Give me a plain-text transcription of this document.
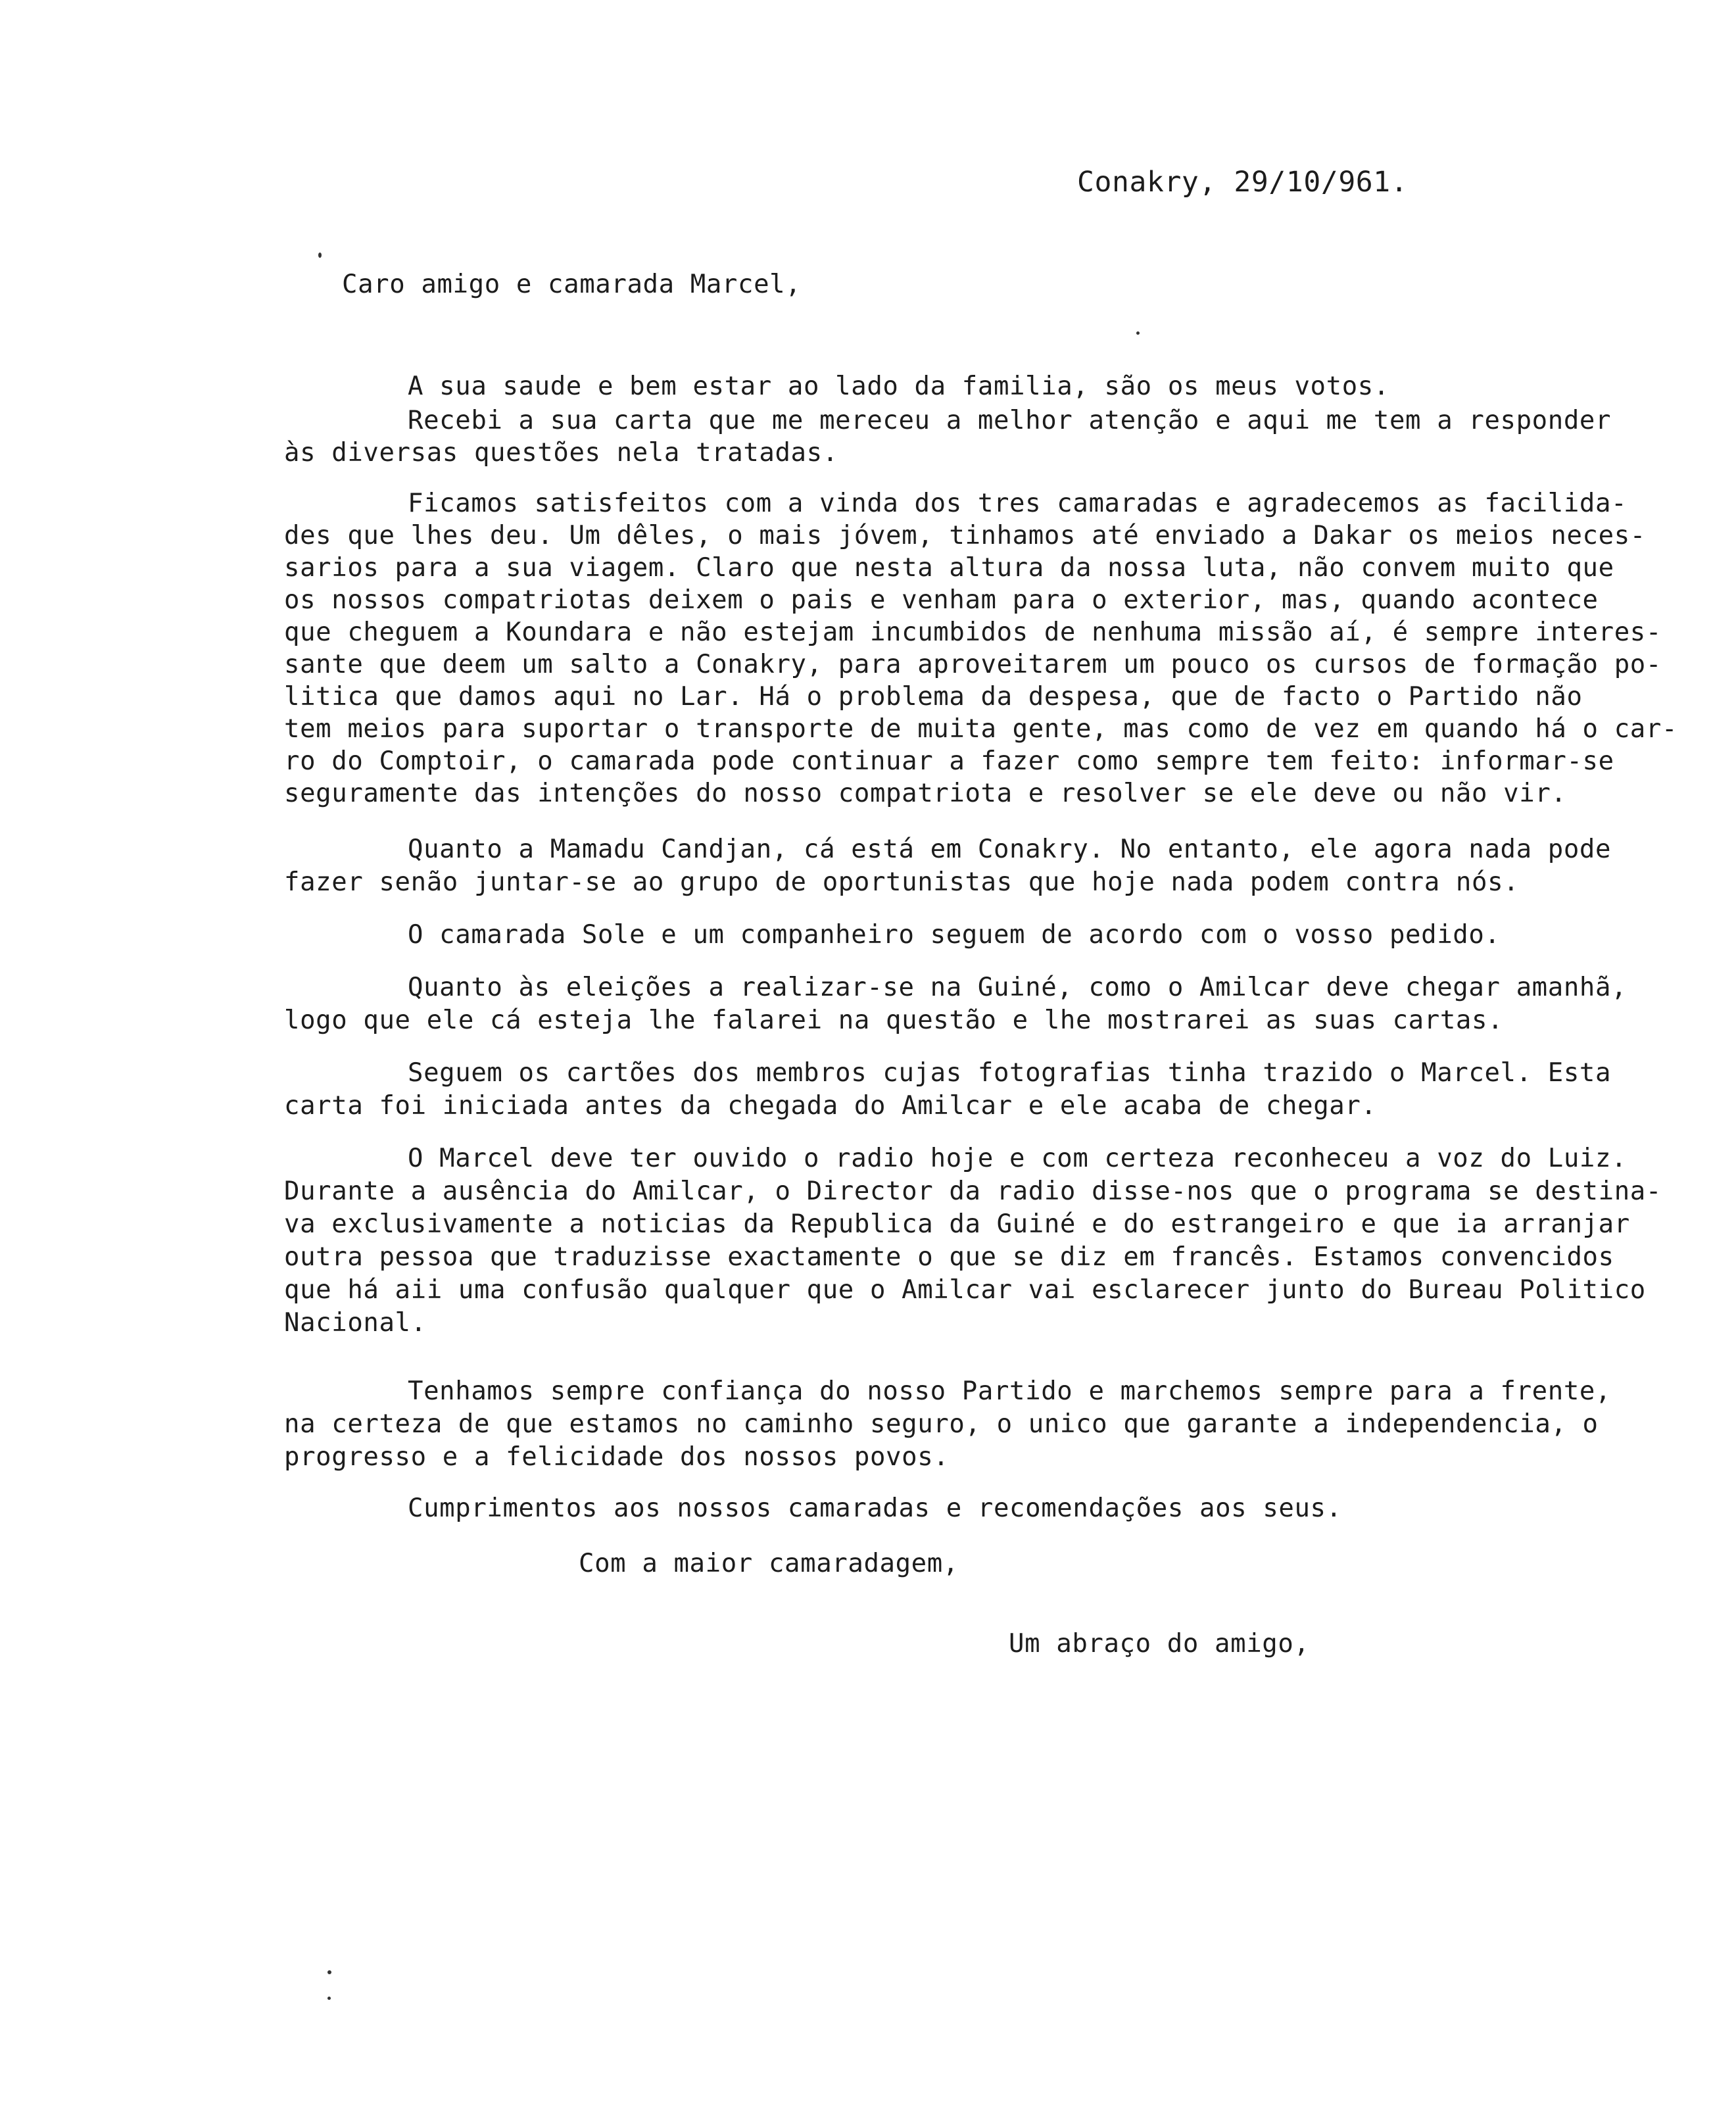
Conakry, 29/10/961.

Caro amigo e camarada Marcel,

A sua saude e bem estar ao lado da familia, são os meus votos.

Recebi a sua carta que me mereceu a melhor atenção e aqui me tem a responder

às diversas questões nela tratadas.

Ficamos satisfeitos com a vinda dos tres camaradas e agradecemos as facilida-

des que lhes deu. Um dêles, o mais jóvem, tinhamos até enviado a Dakar os meios neces-

sarios para a sua viagem. Claro que nesta altura da nossa luta, não convem muito que

os nossos compatriotas deixem o pais e venham para o exterior, mas, quando acontece

que cheguem a Koundara e não estejam incumbidos de nenhuma missão aí, é sempre interes-

sante que deem um salto a Conakry, para aproveitarem um pouco os cursos de formação po-

litica que damos aqui no Lar. Há o problema da despesa, que de facto o Partido não

tem meios para suportar o transporte de muita gente, mas como de vez em quando há o car-

ro do Comptoir, o camarada pode continuar a fazer como sempre tem feito: informar-se

seguramente das intenções do nosso compatriota e resolver se ele deve ou não vir.

Quanto a Mamadu Candjan, cá está em Conakry. No entanto, ele agora nada pode

fazer senão juntar-se ao grupo de oportunistas que hoje nada podem contra nós.

O camarada Sole e um companheiro seguem de acordo com o vosso pedido.

Quanto às eleições a realizar-se na Guiné, como o Amilcar deve chegar amanhã,

logo que ele cá esteja lhe falarei na questão e lhe mostrarei as suas cartas.

Seguem os cartões dos membros cujas fotografias tinha trazido o Marcel. Esta

carta foi iniciada antes da chegada do Amilcar e ele acaba de chegar.

O Marcel deve ter ouvido o radio hoje e com certeza reconheceu a voz do Luiz.

Durante a ausência do Amilcar, o Director da radio disse-nos que o programa se destina-

va exclusivamente a noticias da Republica da Guiné e do estrangeiro e que ia arranjar

outra pessoa que traduzisse exactamente o que se diz em francês. Estamos convencidos

que há aii uma confusão qualquer que o Amilcar vai esclarecer junto do Bureau Politico

Nacional.

Tenhamos sempre confiança do nosso Partido e marchemos sempre para a frente,

na certeza de que estamos no caminho seguro, o unico que garante a independencia, o

progresso e a felicidade dos nossos povos.

Cumprimentos aos nossos camaradas e recomendações aos seus.

Com a maior camaradagem,

Um abraço do amigo,
